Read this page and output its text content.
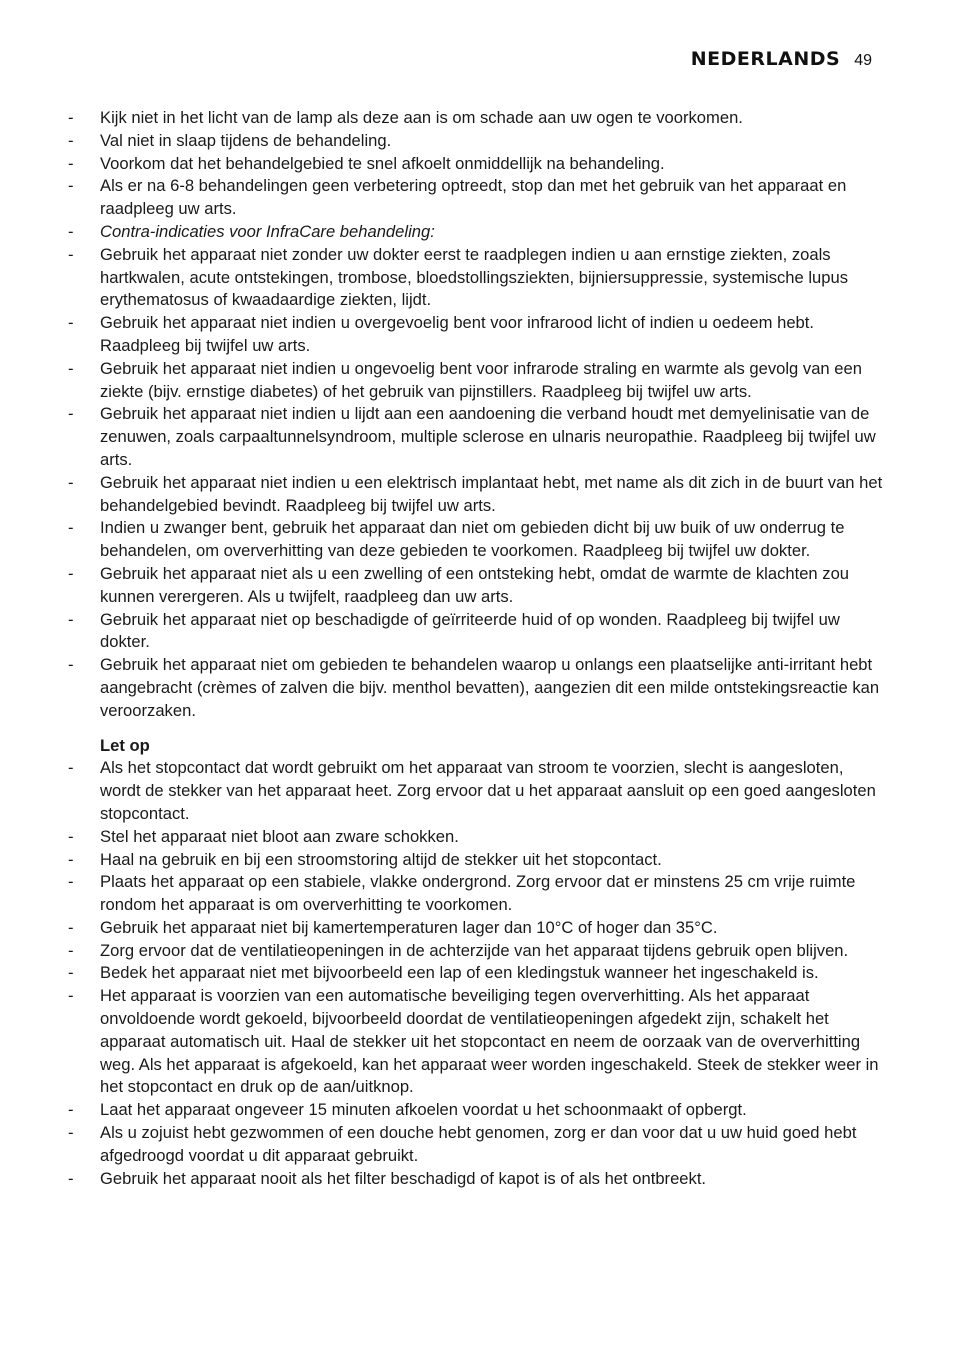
NEDERLANDS 49
- Kijk niet in het licht van de lamp als deze aan is om schade aan uw ogen te voorkomen.
- Val niet in slaap tijdens de behandeling.
- Voorkom dat het behandelgebied te snel afkoelt onmiddellijk na behandeling.
- Als er na 6-8 behandelingen geen verbetering optreedt, stop dan met het gebruik van het apparaat en raadpleeg uw arts.
- Contra-indicaties voor InfraCare behandeling:
- Gebruik het apparaat niet zonder uw dokter eerst te raadplegen indien u aan ernstige ziekten, zoals hartkwalen, acute ontstekingen, trombose, bloedstollingsziekten, bijniersuppressie, systemische lupus erythematosus of kwaadaardige ziekten, lijdt.
- Gebruik het apparaat niet indien u overgevoelig bent voor infrarood licht of indien u oedeem hebt. Raadpleeg bij twijfel uw arts.
- Gebruik het apparaat niet indien u ongevoelig bent voor infrarode straling en warmte als gevolg van een ziekte (bijv. ernstige diabetes) of het gebruik van pijnstillers. Raadpleeg bij twijfel uw arts.
- Gebruik het apparaat niet indien u lijdt aan een aandoening die verband houdt met demyelinisatie van de zenuwen, zoals carpaaltunnelsyndroom, multiple sclerose en ulnaris neuropathie. Raadpleeg bij twijfel uw arts.
- Gebruik het apparaat niet indien u een elektrisch implantaat hebt, met name als dit zich in de buurt van het behandelgebied bevindt. Raadpleeg bij twijfel uw arts.
- Indien u zwanger bent, gebruik het apparaat dan niet om gebieden dicht bij uw buik of uw onderrug te behandelen, om oververhitting van deze gebieden te voorkomen. Raadpleeg bij twijfel uw dokter.
- Gebruik het apparaat niet als u een zwelling of een ontsteking hebt, omdat de warmte de klachten zou kunnen verergeren. Als u twijfelt, raadpleeg dan uw arts.
- Gebruik het apparaat niet op beschadigde of geïrriteerde huid of op wonden. Raadpleeg bij twijfel uw dokter.
- Gebruik het apparaat niet om gebieden te behandelen waarop u onlangs een plaatselijke anti-irritant hebt aangebracht (crèmes of zalven die bijv. menthol bevatten), aangezien dit een milde ontstekingsreactie kan veroorzaken.
Let op
- Als het stopcontact dat wordt gebruikt om het apparaat van stroom te voorzien, slecht is aangesloten, wordt de stekker van het apparaat heet. Zorg ervoor dat u het apparaat aansluit op een goed aangesloten stopcontact.
- Stel het apparaat niet bloot aan zware schokken.
- Haal na gebruik en bij een stroomstoring altijd de stekker uit het stopcontact.
- Plaats het apparaat op een stabiele, vlakke ondergrond. Zorg ervoor dat er minstens 25 cm vrije ruimte rondom het apparaat is om oververhitting te voorkomen.
- Gebruik het apparaat niet bij kamertemperaturen lager dan 10°C of hoger dan 35°C.
- Zorg ervoor dat de ventilatieopeningen in de achterzijde van het apparaat tijdens gebruik open blijven.
- Bedek het apparaat niet met bijvoorbeeld een lap of een kledingstuk wanneer het ingeschakeld is.
- Het apparaat is voorzien van een automatische beveiliging tegen oververhitting. Als het apparaat onvoldoende wordt gekoeld, bijvoorbeeld doordat de ventilatieopeningen afgedekt zijn, schakelt het apparaat automatisch uit. Haal de stekker uit het stopcontact en neem de oorzaak van de oververhitting weg. Als het apparaat is afgekoeld, kan het apparaat weer worden ingeschakeld. Steek de stekker weer in het stopcontact en druk op de aan/uitknop.
- Laat het apparaat ongeveer 15 minuten afkoelen voordat u het schoonmaakt of opbergt.
- Als u zojuist hebt gezwommen of een douche hebt genomen, zorg er dan voor dat u uw huid goed hebt afgedroogd voordat u dit apparaat gebruikt.
- Gebruik het apparaat nooit als het filter beschadigd of kapot is of als het ontbreekt.
